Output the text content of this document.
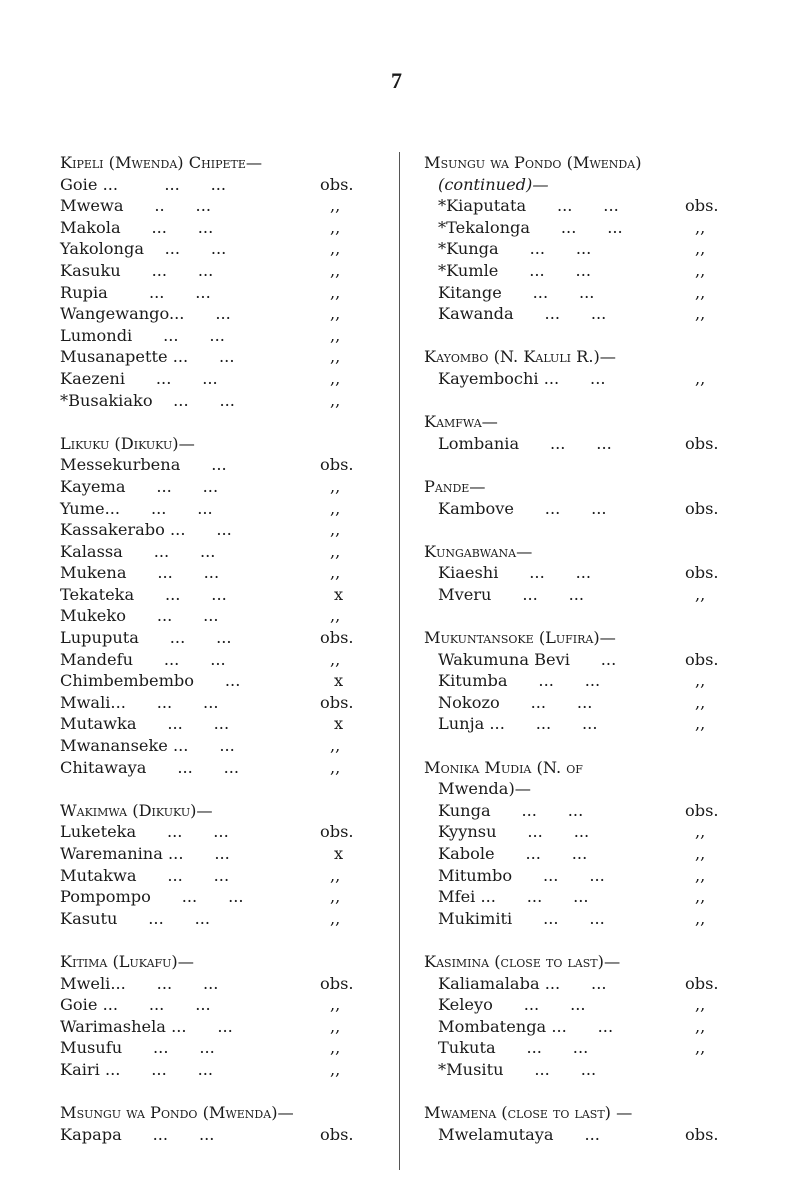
7
Kipeli (Mwenda) Chipete—
Goie ...         ...      ...	obs.
Mwewa      ..      ...	,,
Makola      ...      ...	,,
Yakolonga    ...      ...	,,
Kasuku      ...      ...	,,
Rupia        ...      ...	,,
Wangewango...      ...	,,
Lumondi      ...      ...	,,
Musanapette ...      ...	,,
Kaezeni      ...      ...	,,
*Busakiako    ...      ...	,,
Likuku (Dikuku)—
Messekurbena      ...	obs.
Kayema      ...      ...	,,
Yume...      ...      ...	,,
Kassakerabo ...      ...	,,
Kalassa      ...      ...	,,
Mukena      ...      ...	,,
Tekateka      ...      ...	x
Mukeko      ...      ...	,,
Lupuputa      ...      ...	obs.
Mandefu      ...      ...	,,
Chimbembembo      ...	x
Mwali...      ...      ...	obs.
Mutawka      ...      ...	x
Mwananseke ...      ...	,,
Chitawaya      ...      ...	,,
Wakimwa (Dikuku)—
Luketeka      ...      ...	obs.
Waremanina ...      ...	x
Mutakwa      ...      ...	,,
Pompompo      ...      ...	,,
Kasutu      ...      ...	,,
Kitima (Lukafu)—
Mweli...      ...      ...	obs.
Goie ...      ...      ...	,,
Warimashela ...      ...	,,
Musufu      ...      ...	,,
Kairi ...      ...      ...	,,
Msungu wa Pondo (Mwenda)—
Kapapa      ...      ...	obs.
Msungu wa Pondo (Mwenda)
(continued)—
*Kiaputata      ...      ...	obs.
*Tekalonga      ...      ...	,,
*Kunga      ...      ...	,,
*Kumle      ...      ...	,,
Kitange      ...      ...	,,
Kawanda      ...      ...	,,
Kayombo (N. Kaluli R.)—
Kayembochi ...      ...	,,
Kamfwa—
Lombania      ...      ...	obs.
Pande—
Kambove      ...      ...	obs.
Kungabwana—
Kiaeshi      ...      ...	obs.
Mveru      ...      ...	,,
Mukuntansoke (Lufira)—
Wakumuna Bevi      ...	obs.
Kitumba      ...      ...	,,
Nokozo      ...      ...	,,
Lunja ...      ...      ...	,,
Monika Mudia (N. of
Mwenda)—
Kunga      ...      ...	obs.
Kyynsu      ...      ...	,,
Kabole      ...      ...	,,
Mitumbo      ...      ...	,,
Mfei ...      ...      ...	,,
Mukimiti      ...      ...	,,
Kasimina (close to last)—
Kaliamalaba ...      ...	obs.
Keleyo      ...      ...	,,
Mombatenga ...      ...	,,
Tukuta      ...      ...	,,
*Musitu      ...      ...
Mwamena (close to last) —
Mwelamutaya      ...	obs.
